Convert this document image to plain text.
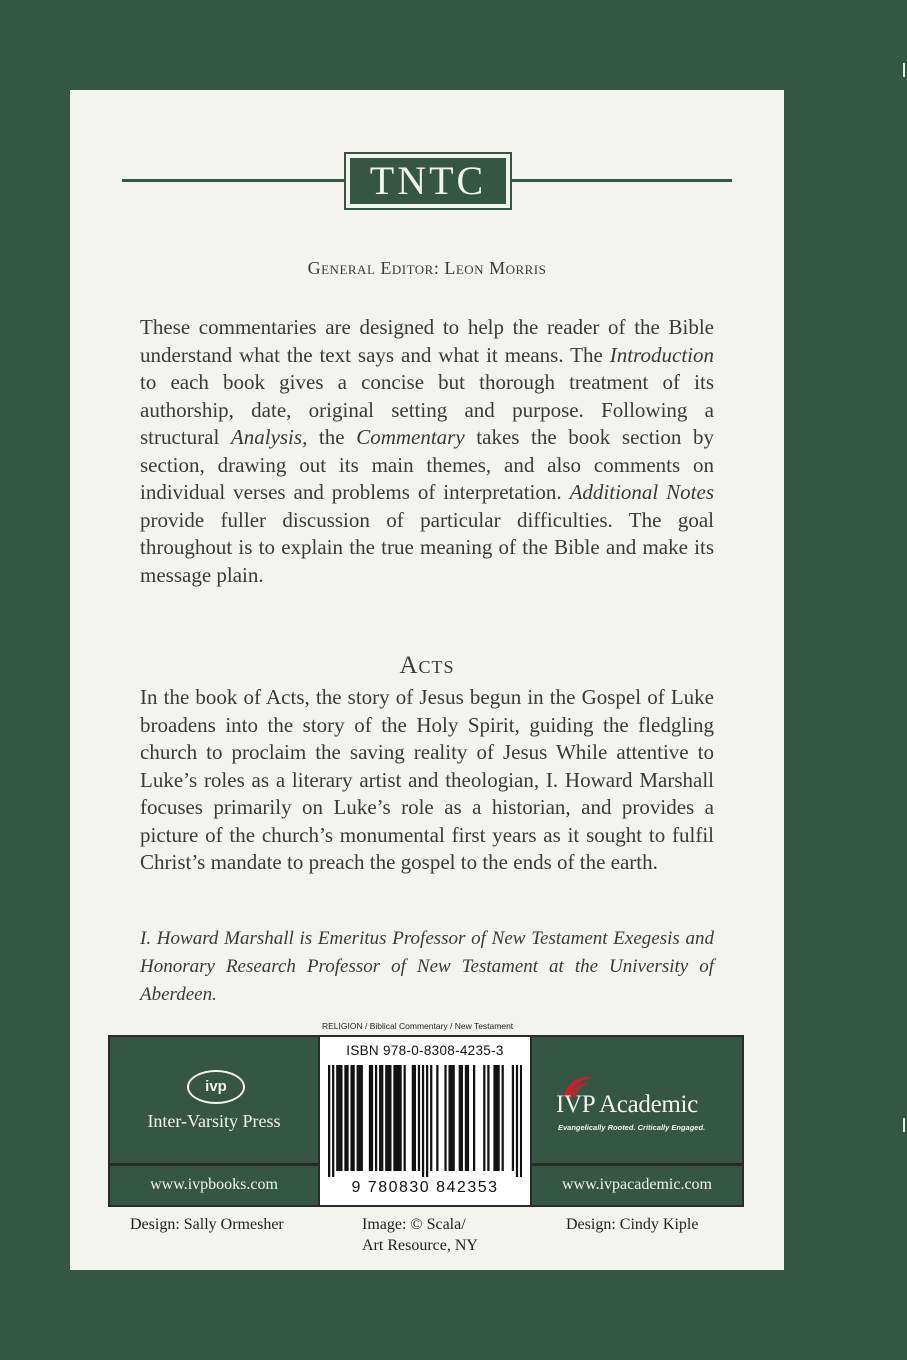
TNTC
General Editor: Leon Morris
These commentaries are designed to help the reader of the Bible understand what the text says and what it means. The Introduction to each book gives a concise but thorough treatment of its authorship, date, original setting and purpose. Following a structural Analysis, the Commentary takes the book section by section, drawing out its main themes, and also comments on individual verses and problems of interpretation. Additional Notes provide fuller discussion of particular difficulties. The goal throughout is to explain the true meaning of the Bible and make its message plain.
Acts
In the book of Acts, the story of Jesus begun in the Gospel of Luke broadens into the story of the Holy Spirit, guiding the fledgling church to proclaim the saving reality of Jesus While attentive to Luke’s roles as a literary artist and theologian, I. Howard Marshall focuses primarily on Luke’s role as a historian, and provides a picture of the church’s monumental first years as it sought to fulfil Christ’s mandate to preach the gospel to the ends of the earth.
I. Howard Marshall is Emeritus Professor of New Testament Exegesis and Honorary Research Professor of New Testament at the University of Aberdeen.
RELIGION / Biblical Commentary / New Testament
ivp
Inter-Varsity Press
www.ivpbooks.com
ISBN 978-0-8308-4235-3
9 780830 842353
IVP Academic
Evangelically Rooted. Critically Engaged.
www.ivpacademic.com
Design: Sally Ormesher	Image: © Scala/
Art Resource, NY
Design: Cindy Kiple
